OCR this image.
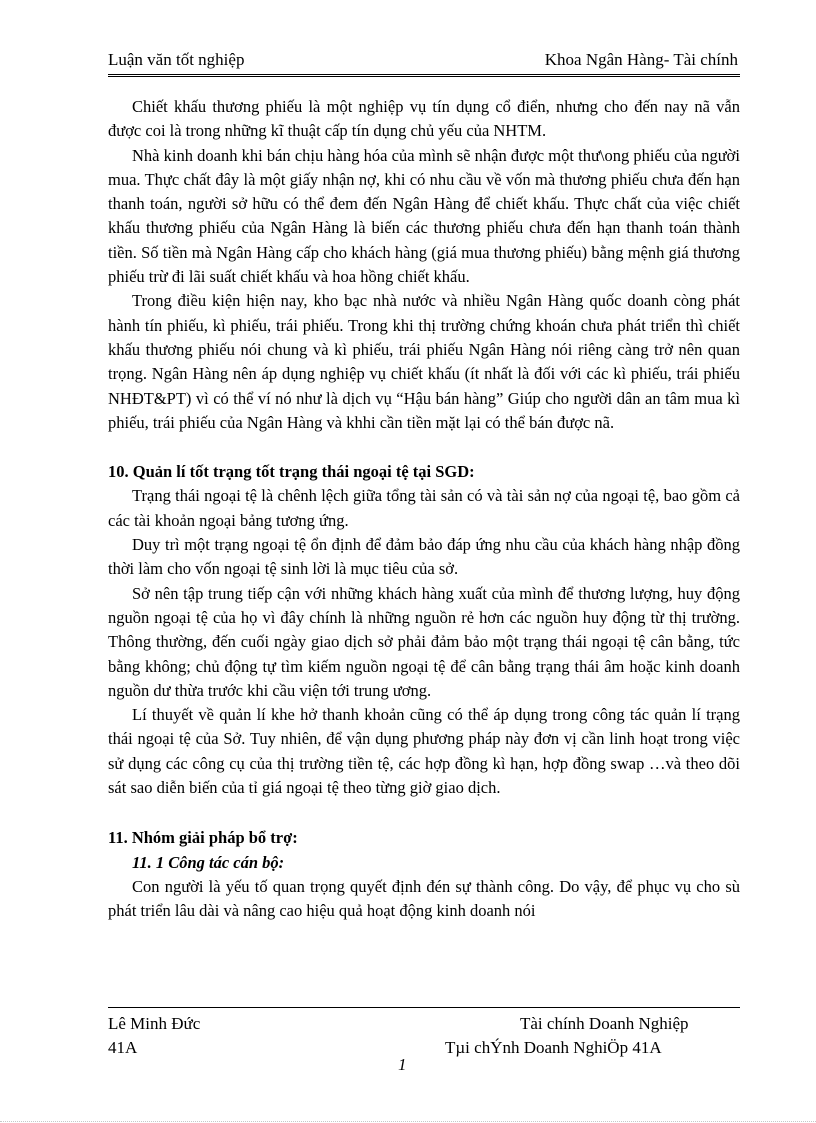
Luận văn tốt nghiệp	Khoa Ngân Hàng- Tài chính

Chiết khấu thương phiếu là một nghiệp vụ tín dụng cổ điển, nhưng cho đến nay nã vẫn được coi là trong những kĩ thuật cấp tín dụng chủ yếu của NHTM.

Nhà kinh doanh khi bán chịu hàng hóa của mình sẽ nhận được một thư\ong phiếu của người mua. Thực chất đây là một giấy nhận nợ, khi có nhu cầu về vốn mà thương phiếu chưa đến hạn thanh toán, người sở hữu có thể đem đến Ngân Hàng để chiết khấu. Thực chất của việc chiết khấu thương phiếu của Ngân Hàng là biến các thương phiếu chưa đến hạn thanh toán thành tiền. Số tiền mà Ngân Hàng cấp cho khách hàng (giá mua thương phiếu) bằng mệnh giá thương phiếu trừ đi lãi suất chiết khấu và hoa hồng chiết khấu.

Trong điều kiện hiện nay, kho bạc nhà nước và nhiều Ngân Hàng quốc doanh còng phát hành tín phiếu, kì phiếu, trái phiếu. Trong khi thị trường chứng khoán chưa phát triển thì chiết khấu thương phiếu nói chung và kì phiếu, trái phiếu Ngân Hàng nói riêng càng trở nên quan trọng. Ngân Hàng nên áp dụng nghiệp vụ chiết khấu (ít nhất là đối với các kì phiếu, trái phiếu NHĐT&PT) vì có thể ví nó như là dịch vụ “Hậu bán hàng” Giúp cho người dân an tâm mua kì phiếu, trái phiếu của Ngân Hàng và khhi cần tiền mặt lại có thể bán được nã.

10. Quản lí tốt trạng tốt trạng thái ngoại tệ tại SGD:

Trạng thái ngoại tệ là chênh lệch giữa tổng tài sản có và tài sản nợ của ngoại tệ, bao gồm cả các tài khoản ngoại bảng tương ứng.

Duy trì một trạng ngoại tệ ổn định để đảm bảo đáp ứng nhu cầu của khách hàng nhập đồng thời làm cho vốn ngoại tệ sinh lời là mục tiêu của sở.

Sở nên tập trung tiếp cận với những khách hàng xuất của mình để thương lượng, huy động nguồn ngoại tệ của họ vì đây chính là những nguồn rẻ hơn các nguồn huy động từ thị trường. Thông thường, đến cuối ngày giao dịch sở phải đảm bảo một trạng thái ngoại tệ cân bằng, tức bằng không; chủ động tự tìm kiếm nguồn ngoại tệ để cân bằng trạng thái âm hoặc kinh doanh nguồn dư thừa trước khi cầu viện tới trung ương.

Lí thuyết về quản lí khe hở thanh khoản cũng có thể áp dụng trong công tác quản lí trạng thái ngoại tệ của Sở. Tuy nhiên, để vận dụng phương pháp này đơn vị cần linh hoạt trong việc sử dụng các công cụ của thị trường tiền tệ, các hợp đồng kì hạn, hợp đồng swap …và theo dõi sát sao diễn biến của tỉ giá ngoại tệ theo từng giờ giao dịch.

11. Nhóm giải pháp bổ trợ:
11. 1 Công tác cán bộ:

Con người là yếu tố quan trọng quyết định đén sự thành công. Do vậy, để phục vụ cho sù phát triển lâu dài và nâng cao hiệu quả hoạt động kinh doanh nói

Lê Minh Đức	Tài chính Doanh Nghiệp
41A	Tµi chÝnh Doanh NghiÖp 41A
1
